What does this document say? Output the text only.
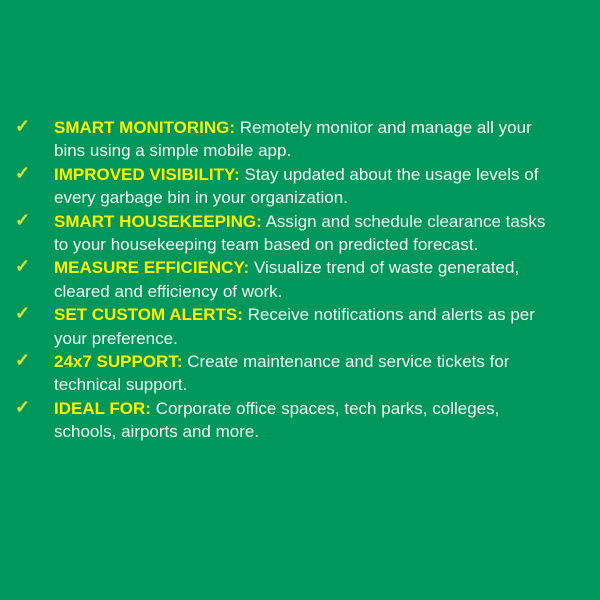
✓ SMART MONITORING: Remotely monitor and manage all your bins using a simple mobile app.
✓ IMPROVED VISIBILITY: Stay updated about the usage levels of every garbage bin in your organization.
✓ SMART HOUSEKEEPING: Assign and schedule clearance tasks to your housekeeping team based on predicted forecast.
✓ MEASURE EFFICIENCY: Visualize trend of waste generated, cleared and efficiency of work.
✓ SET CUSTOM ALERTS: Receive notifications and alerts as per your preference.
✓ 24x7 SUPPORT: Create maintenance and service tickets for technical support.
✓ IDEAL FOR: Corporate office spaces, tech parks, colleges, schools, airports and more.
